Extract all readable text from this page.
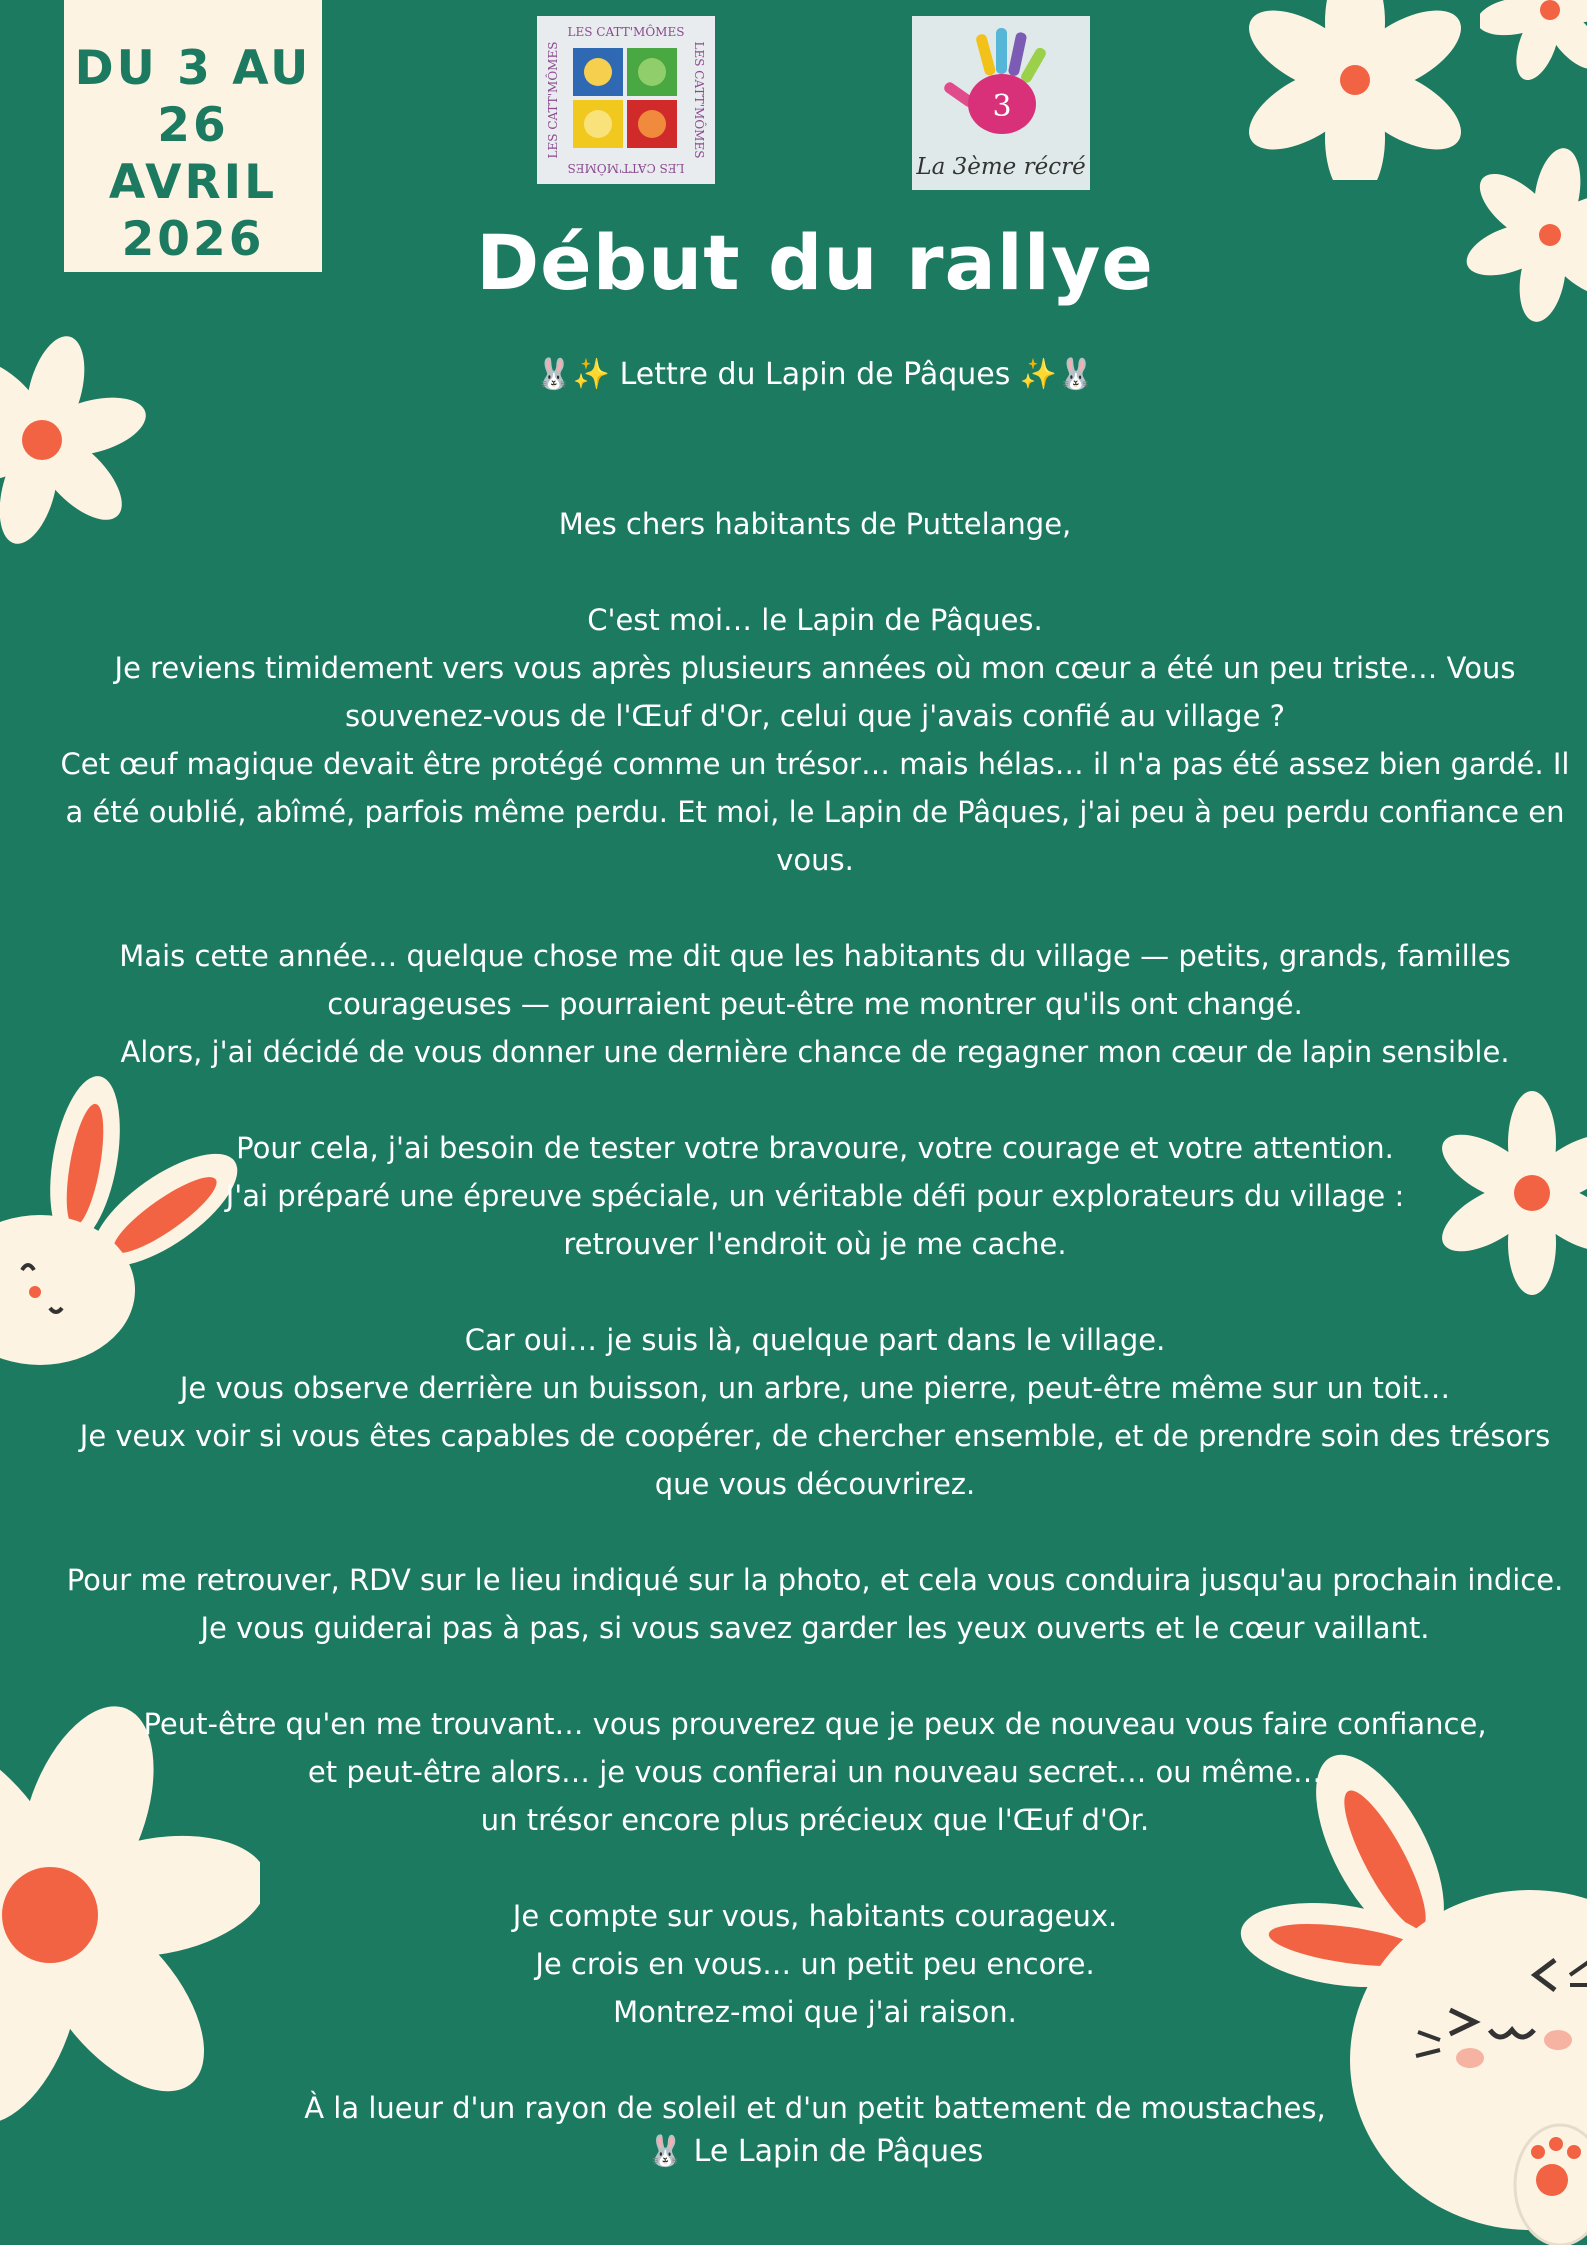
DU 3 AU
26
AVRIL
2026
LES CATT'MÔMES
LES CATT'MÔMES
LES CATT'MÔMES	LES CATT'MÔMES	3
La 3ème récré
Début du rallye
🐰✨ Lettre du Lapin de Pâques ✨🐰
Mes chers habitants de Puttelange,
C'est moi… le Lapin de Pâques.
Je reviens timidement vers vous après plusieurs années où mon cœur a été un peu triste… Vous souvenez-vous de l'Œuf d'Or, celui que j'avais confié au village ?
Cet œuf magique devait être protégé comme un trésor… mais hélas… il n'a pas été assez bien gardé. Il a été oublié, abîmé, parfois même perdu. Et moi, le Lapin de Pâques, j'ai peu à peu perdu confiance en vous.
Mais cette année… quelque chose me dit que les habitants du village — petits, grands, familles courageuses — pourraient peut-être me montrer qu'ils ont changé.
Alors, j'ai décidé de vous donner une dernière chance de regagner mon cœur de lapin sensible.
Pour cela, j'ai besoin de tester votre bravoure, votre courage et votre attention.
J'ai préparé une épreuve spéciale, un véritable défi pour explorateurs du village :
retrouver l'endroit où je me cache.
Car oui… je suis là, quelque part dans le village.
Je vous observe derrière un buisson, un arbre, une pierre, peut-être même sur un toit…
Je veux voir si vous êtes capables de coopérer, de chercher ensemble, et de prendre soin des trésors que vous découvrirez.
Pour me retrouver, RDV sur le lieu indiqué sur la photo, et cela vous conduira jusqu'au prochain indice.
Je vous guiderai pas à pas, si vous savez garder les yeux ouverts et le cœur vaillant.
Peut-être qu'en me trouvant… vous prouverez que je peux de nouveau vous faire confiance,
et peut-être alors… je vous confierai un nouveau secret… ou même…
un trésor encore plus précieux que l'Œuf d'Or.
Je compte sur vous, habitants courageux.
Je crois en vous… un petit peu encore.
Montrez-moi que j'ai raison.
À la lueur d'un rayon de soleil et d'un petit battement de moustaches,
🐰 Le Lapin de Pâques
